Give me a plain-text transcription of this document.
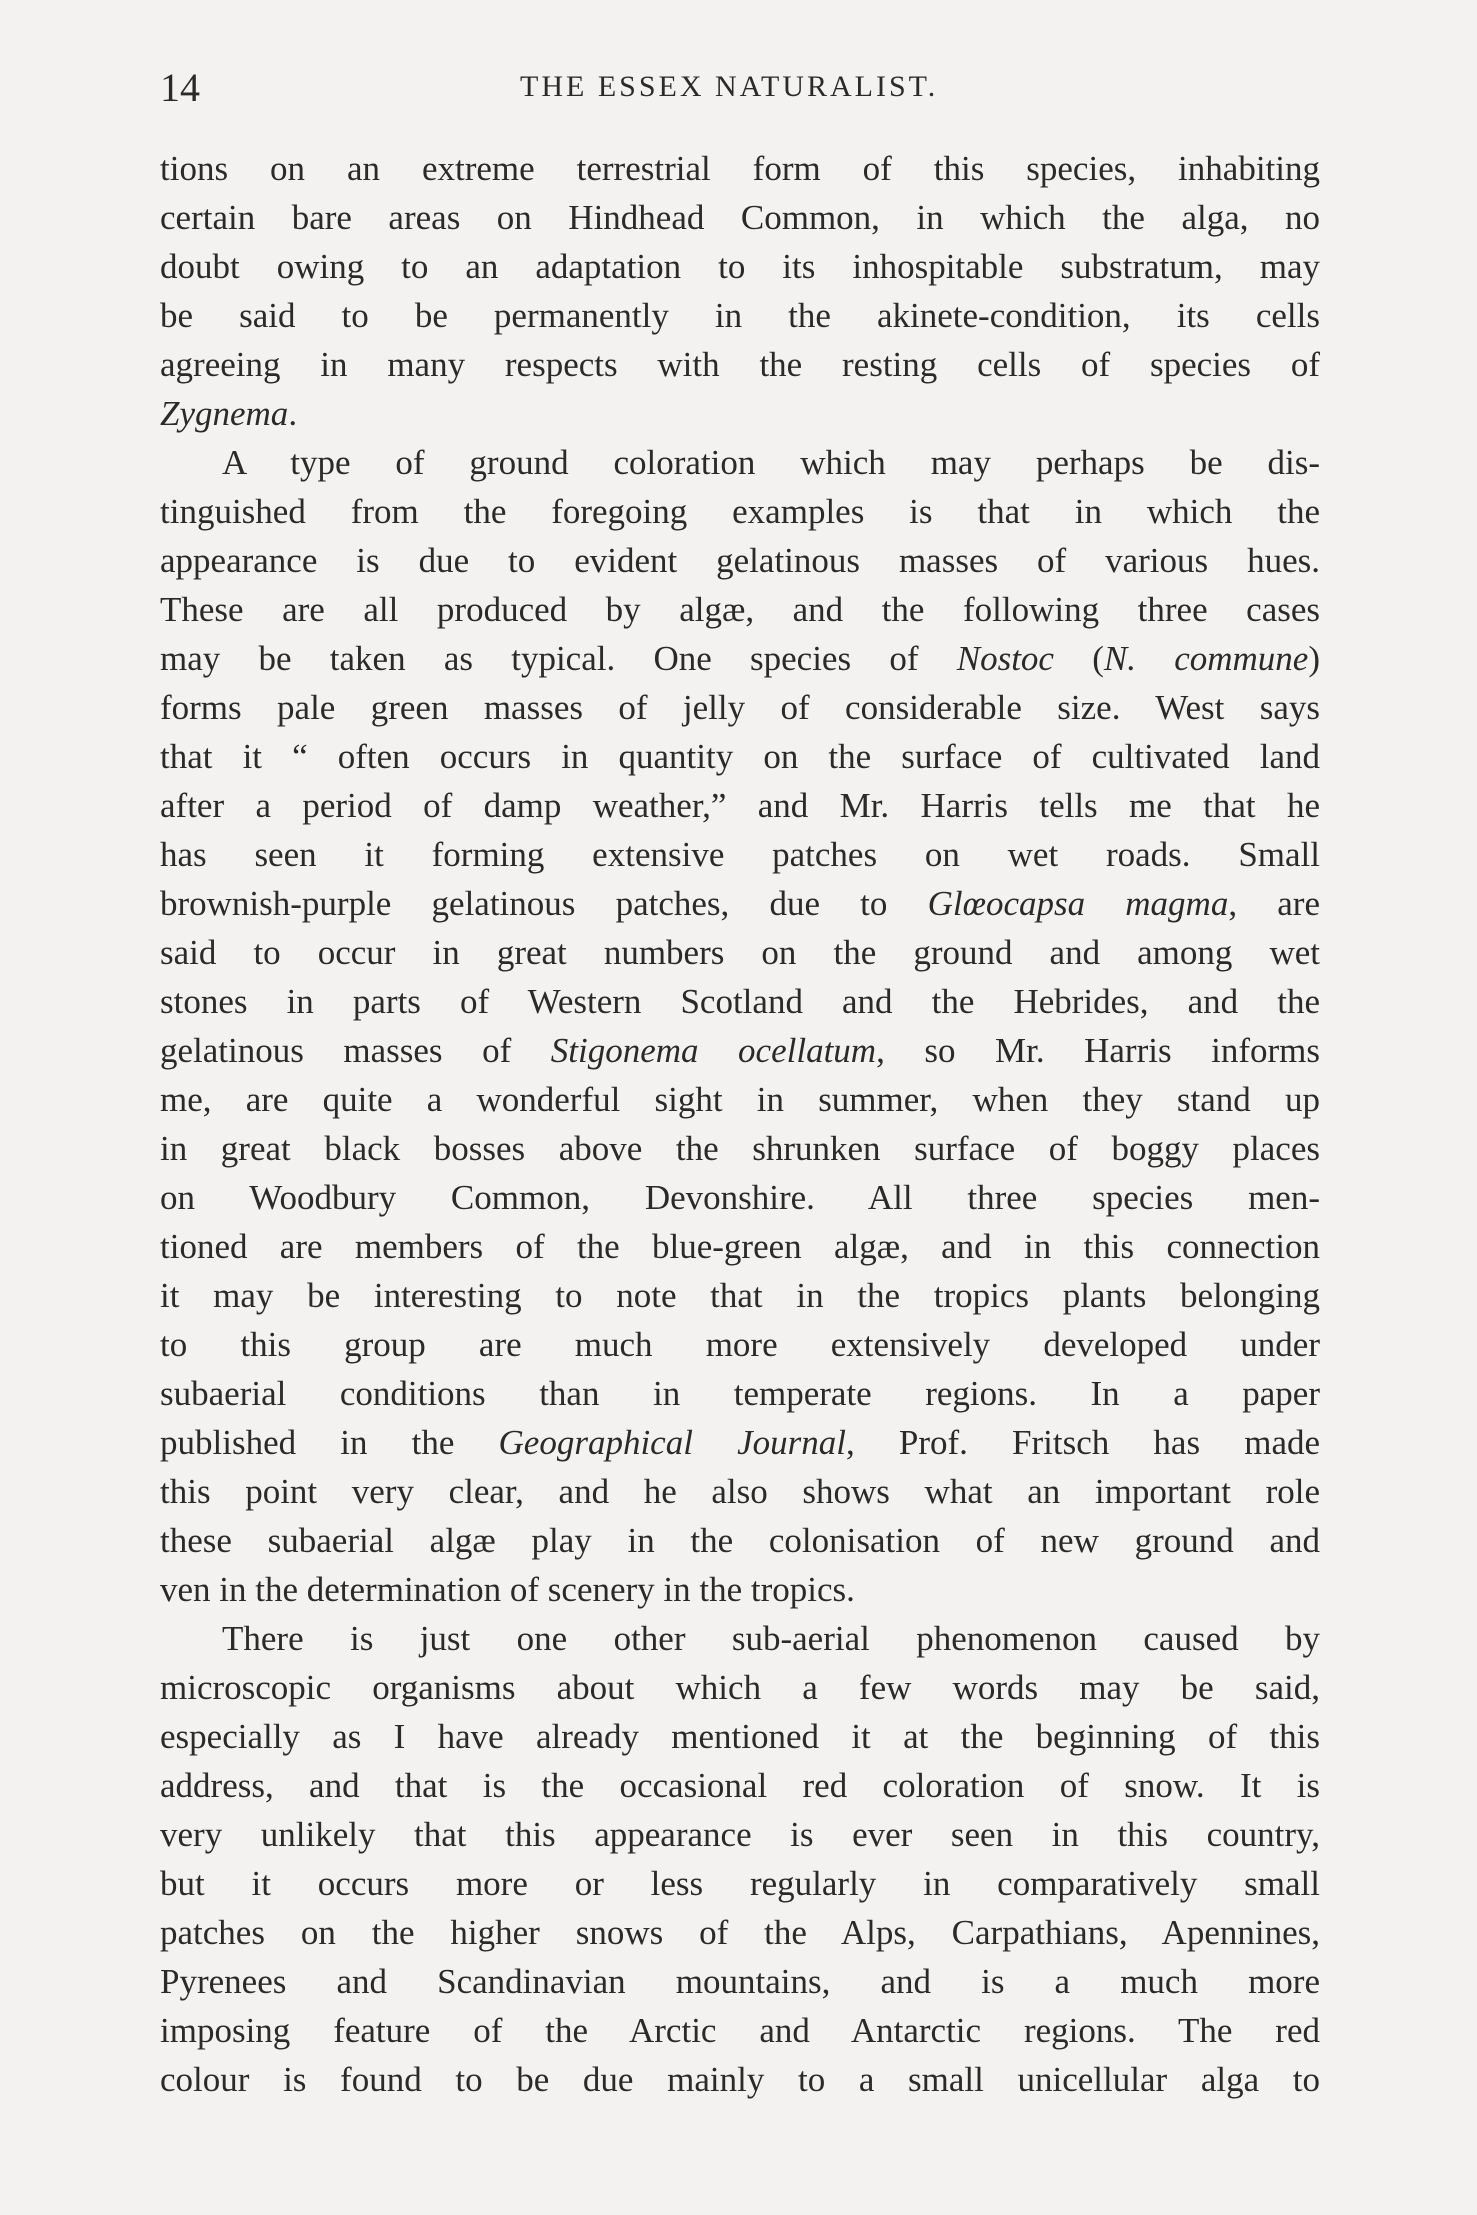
14	THE ESSEX NATURALIST.
tions on an extreme terrestrial form of this species, inhabiting
certain bare areas on Hindhead Common, in which the alga, no
doubt owing to an adaptation to its inhospitable substratum, may
be said to be permanently in the akinete-condition, its cells
agreeing in many respects with the resting cells of species of
Zygnema.
A type of ground coloration which may perhaps be dis-
tinguished from the foregoing examples is that in which the
appearance is due to evident gelatinous masses of various hues.
These are all produced by algæ, and the following three cases
may be taken as typical. One species of Nostoc (N. commune)
forms pale green masses of jelly of considerable size. West says
that it “ often occurs in quantity on the surface of cultivated land
after a period of damp weather,” and Mr. Harris tells me that he
has seen it forming extensive patches on wet roads. Small
brownish-purple gelatinous patches, due to Glœocapsa magma, are
said to occur in great numbers on the ground and among wet
stones in parts of Western Scotland and the Hebrides, and the
gelatinous masses of Stigonema ocellatum, so Mr. Harris informs
me, are quite a wonderful sight in summer, when they stand up
in great black bosses above the shrunken surface of boggy places
on Woodbury Common, Devonshire. All three species men-
tioned are members of the blue-green algæ, and in this connection
it may be interesting to note that in the tropics plants belonging
to this group are much more extensively developed under
subaerial conditions than in temperate regions. In a paper
published in the Geographical Journal, Prof. Fritsch has made
this point very clear, and he also shows what an important role
these subaerial algæ play in the colonisation of new ground and
ven in the determination of scenery in the tropics.
There is just one other sub-aerial phenomenon caused by
microscopic organisms about which a few words may be said,
especially as I have already mentioned it at the beginning of this
address, and that is the occasional red coloration of snow. It is
very unlikely that this appearance is ever seen in this country,
but it occurs more or less regularly in comparatively small
patches on the higher snows of the Alps, Carpathians, Apennines,
Pyrenees and Scandinavian mountains, and is a much more
imposing feature of the Arctic and Antarctic regions. The red
colour is found to be due mainly to a small unicellular alga to
